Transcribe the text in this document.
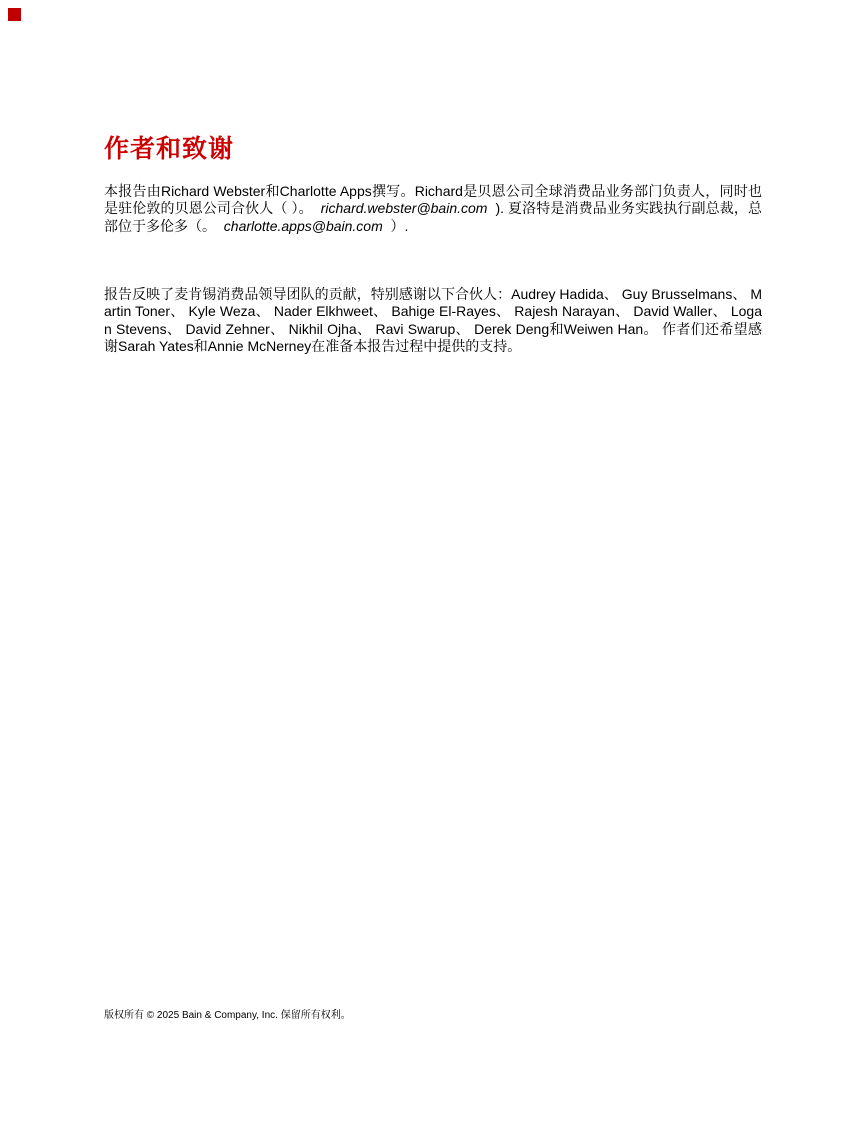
作者和致谢

本报告由Richard Webster和Charlotte Apps撰写。Richard是贝恩公司全球消费品业务部门负责人，同时也是驻伦敦的贝恩公司合伙人（ ）。  richard.webster@bain.com  ). 夏洛特是消费品业务实践执行副总裁，总部位于多伦多（。  charlotte.apps@bain.com  ）.

报告反映了麦肯锡消费品领导团队的贡献，特别感谢以下合伙人：Audrey Hadida、 Guy Brusselmans、 Martin Toner、 Kyle Weza、 Nader Elkhweet、 Bahige El-Rayes、 Rajesh Narayan、 David Waller、 Logan Stevens、 David Zehner、 Nikhil Ojha、 Ravi Swarup、 Derek Deng和Weiwen Han。 作者们还希望感谢Sarah Yates和Annie McNerney在准备本报告过程中提供的支持。

版权所有 © 2025 Bain & Company, Inc. 保留所有权利。
